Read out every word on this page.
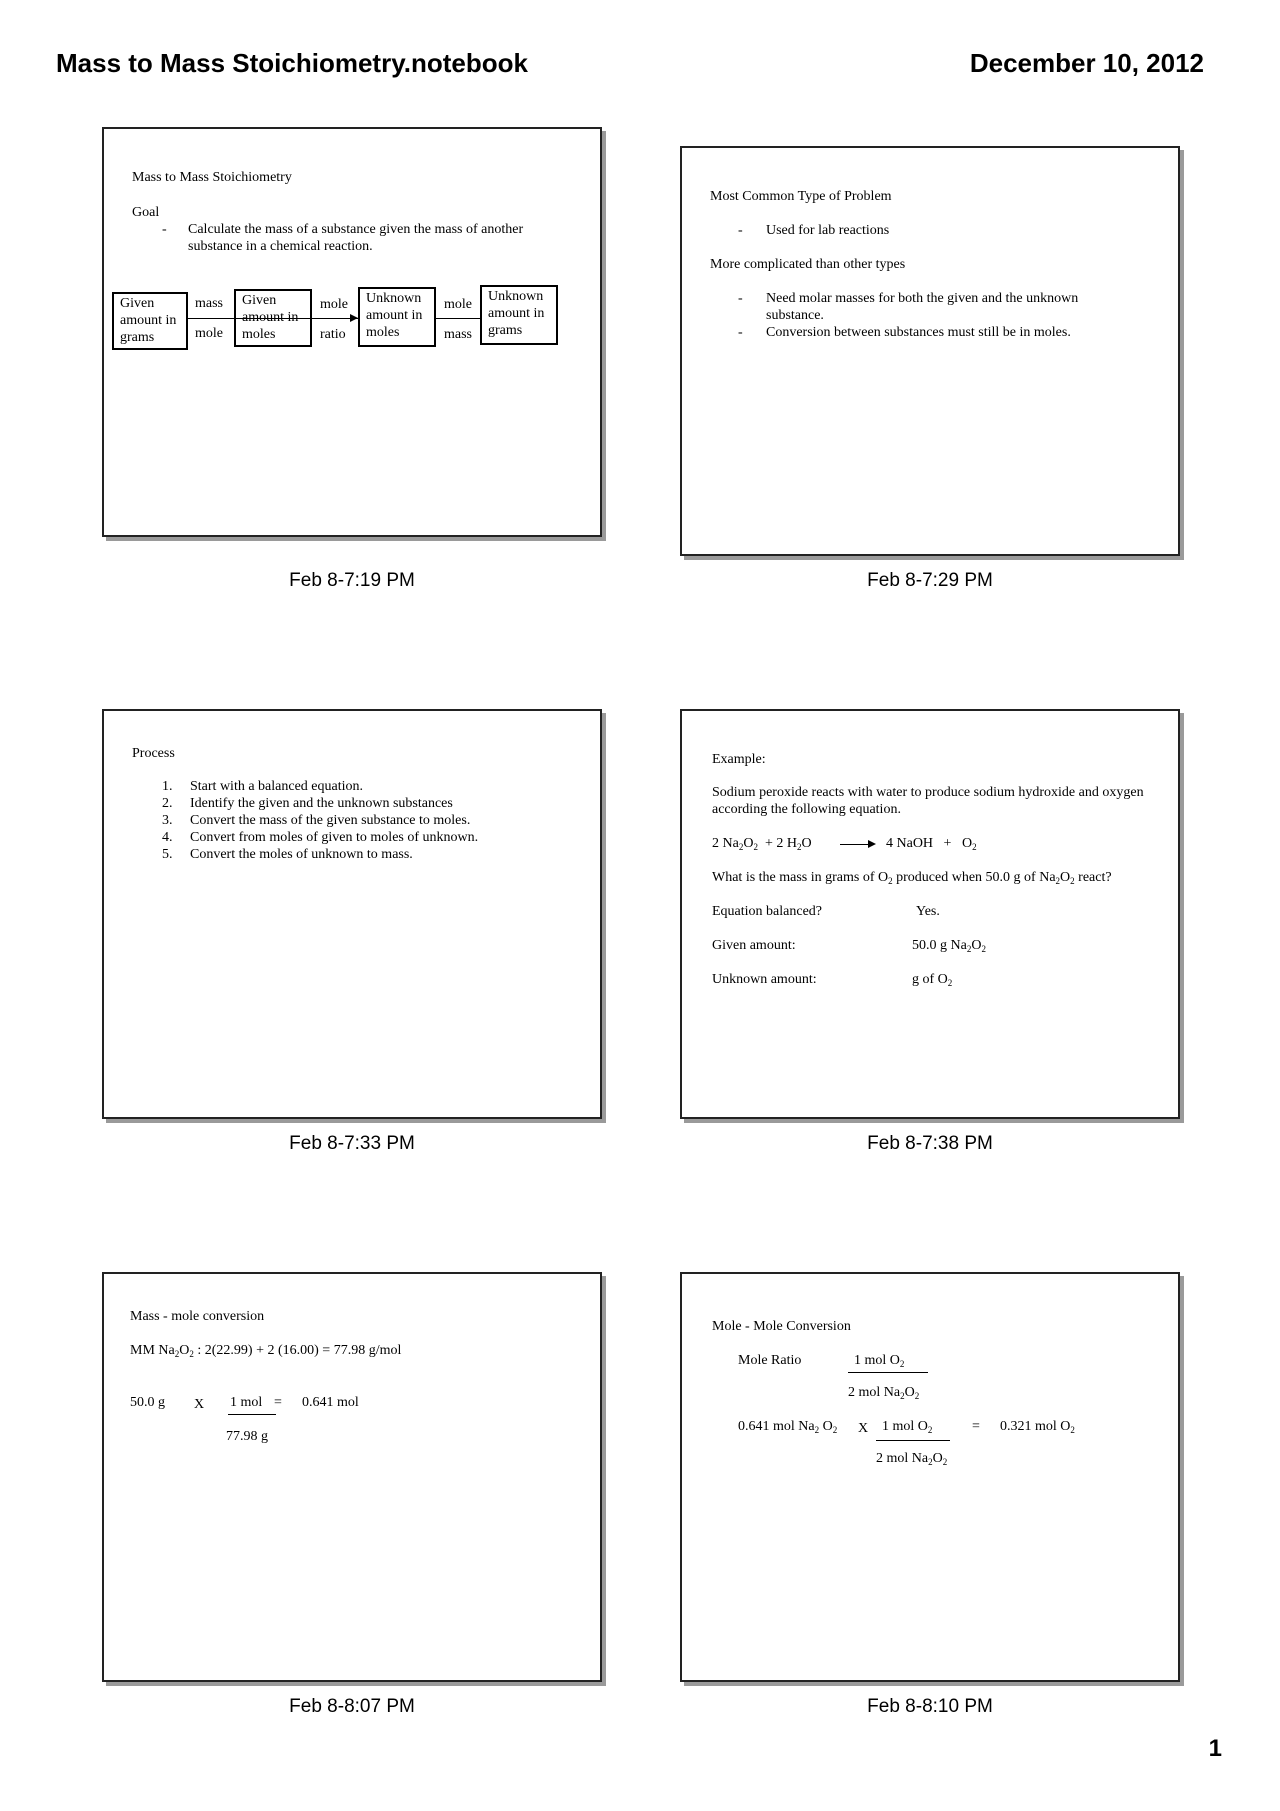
Mass to Mass Stoichiometry.notebook	December 10, 2012
Mass to Mass Stoichiometry
Goal
- Calculate the mass of a substance given the mass of another substance in a chemical reaction.
Given amount in grams
mass
mole
Given amount in moles
mole
ratio
Unknown amount in moles
mole
mass
Unknown amount in grams
Feb 8-7:19 PM
Most Common Type of Problem
- Used for lab reactions
More complicated than other types
- Need molar masses for both the given and the unknown substance.
- Conversion between substances must still be in moles.
Feb 8-7:29 PM
Process
1. Start with a balanced equation.
2. Identify the given and the unknown substances
3. Convert the mass of the given substance to moles.
4. Convert from moles of given to moles of unknown.
5. Convert the moles of unknown to mass.
Feb 8-7:33 PM
Example:
Sodium peroxide reacts with water to produce sodium hydroxide and oxygen according the following equation.
2 $Na_2O_2 + 2$ $H_2O$	4 NaOH + $O_2$
What is the mass in grams of $O_2$ produced when 50.0 g of $Na_2O_2$ react?
Equation balanced?	Yes.
Given amount:	50.0 g $Na_2O_2$
Unknown amount:	g of $O_2$
Feb 8-7:38 PM
Mass - mole conversion
MM $Na_2O_2$ : 2(22.99) + 2 (16.00) = 77.98 g/mol
50.0 g X 1 mol = 0.641 mol
77.98 g
Feb 8-8:07 PM
Mole - Mole Conversion
Mole Ratio	1 mol $O_2$
2 mol $Na_2O_2$
0.641 mol $Na_2$ $O_2$ X 1 mol $O_2$	= 0.321 mol $O_2$
2 mol $Na_2O_2$
Feb 8-8:10 PM
1
